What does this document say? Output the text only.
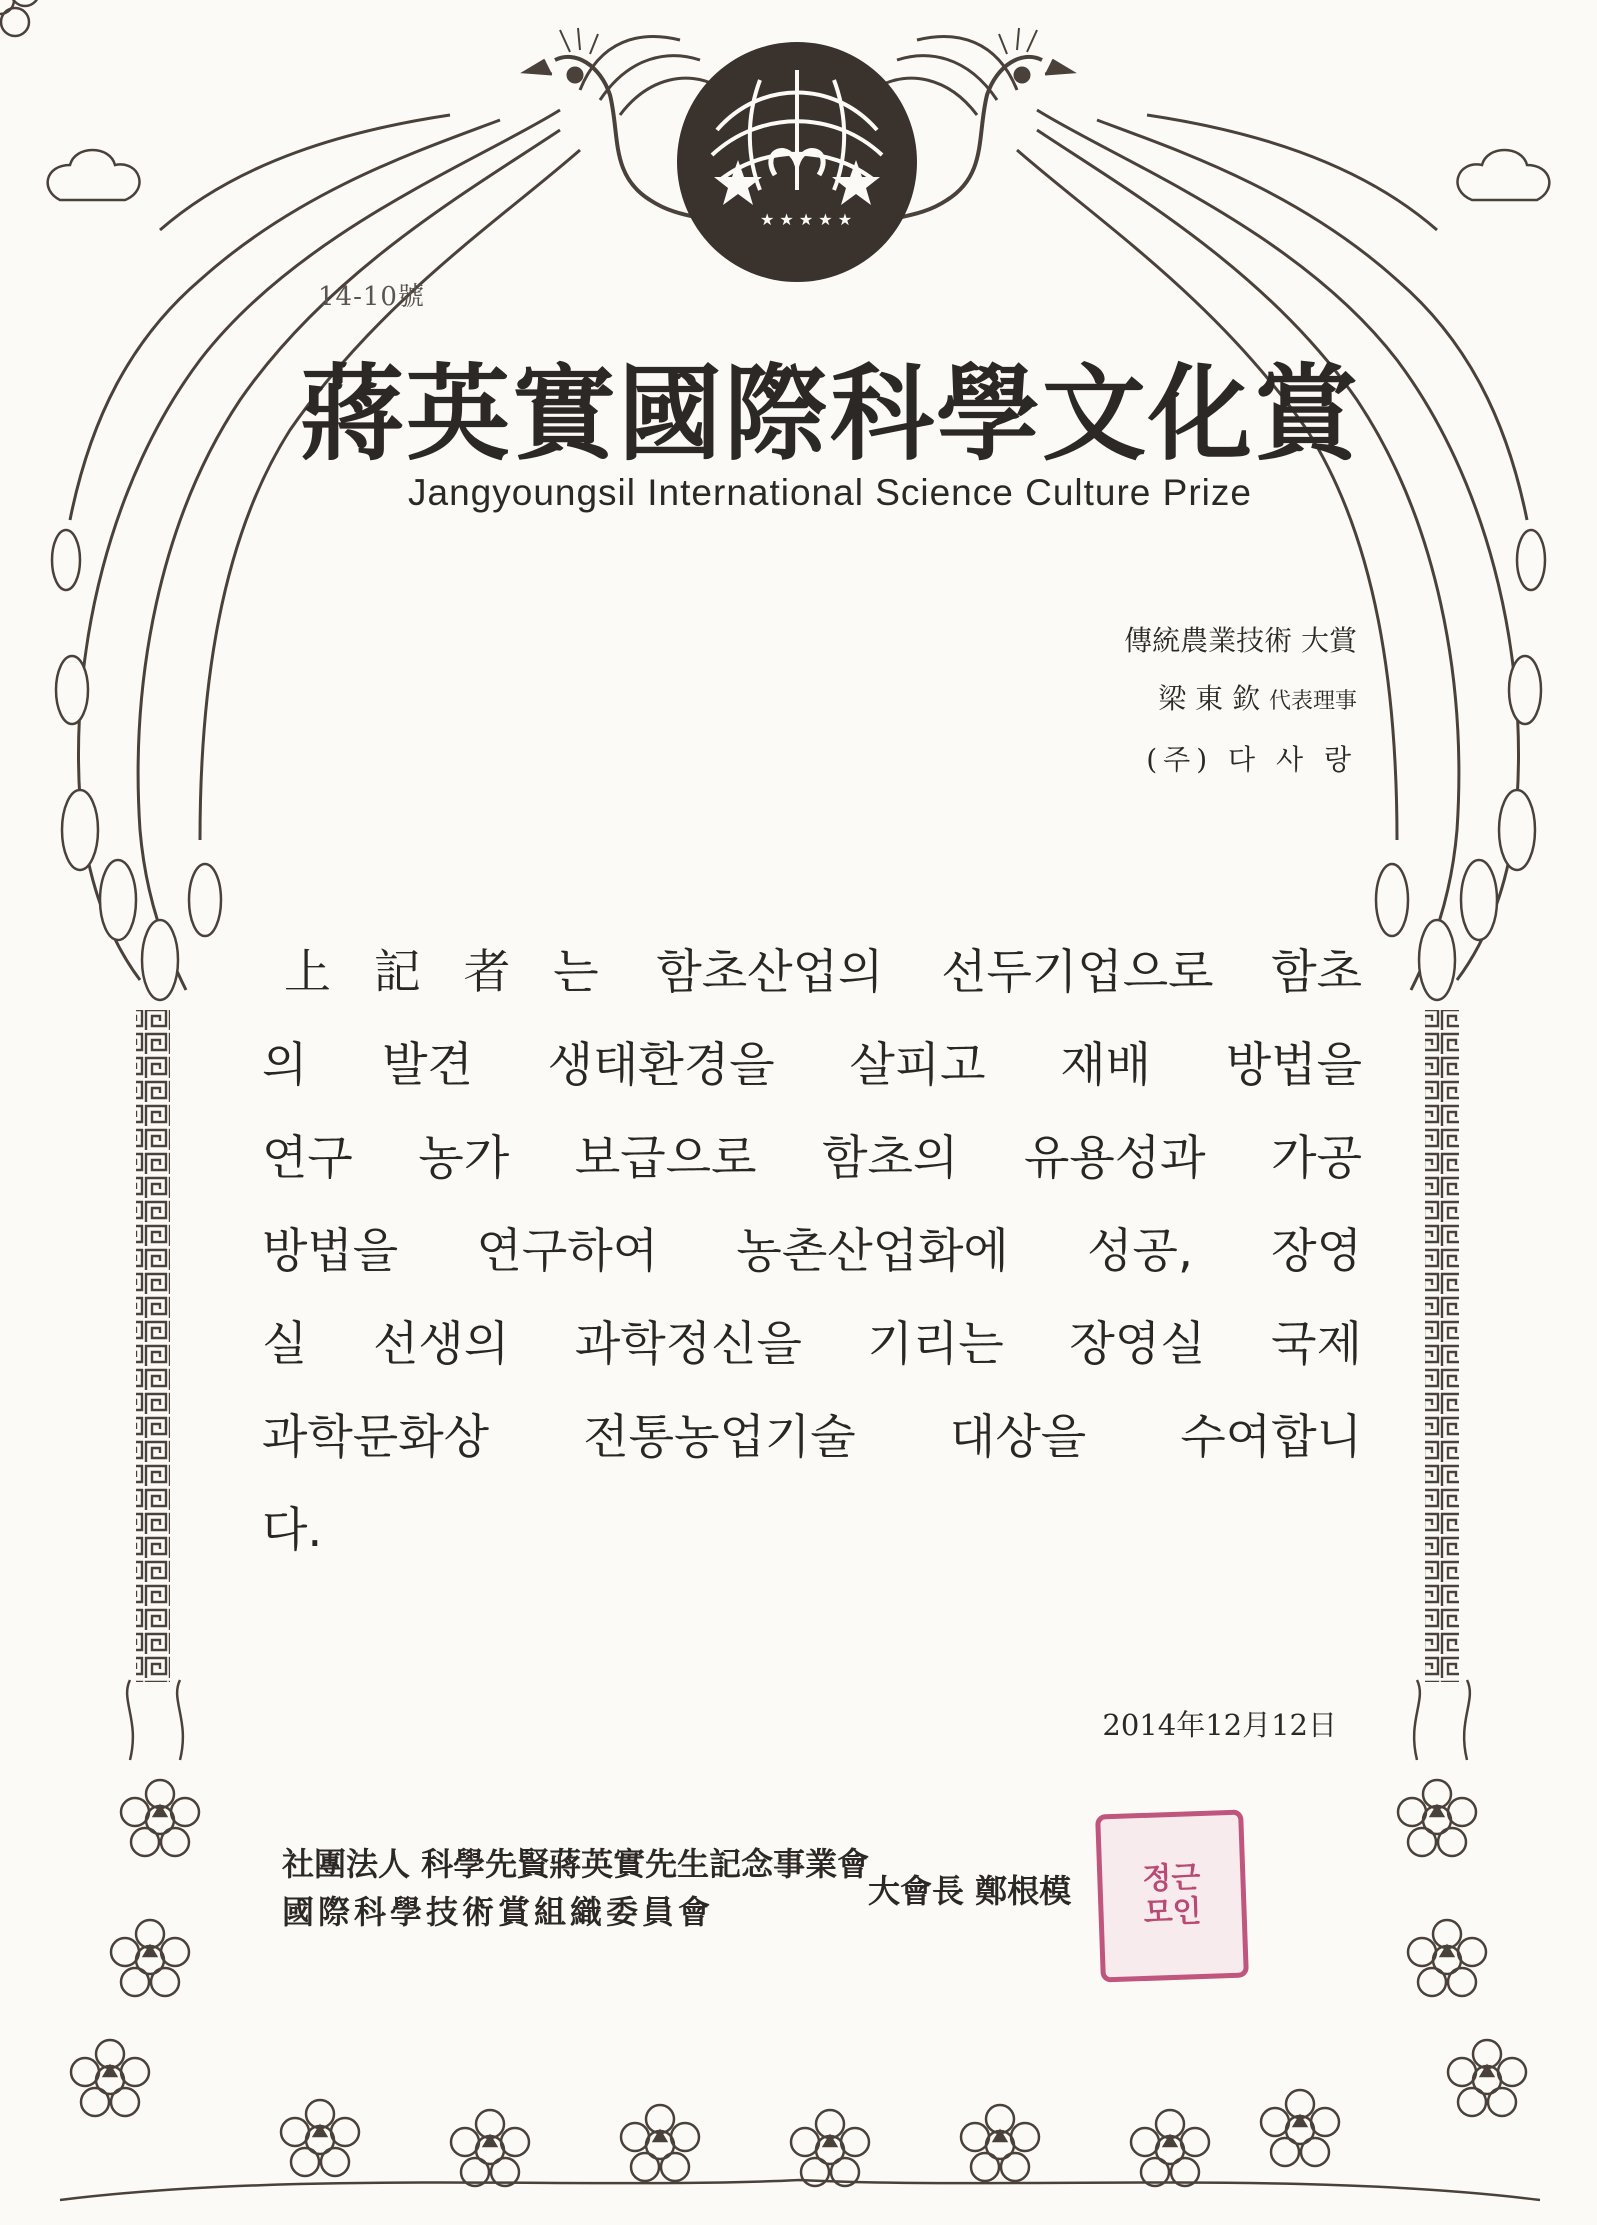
★ ★ ★ ★ ★
14-10號
蔣英實國際科學文化賞
Jangyoungsil International Science Culture Prize
傳統農業技術 大賞
梁 東 欽 代表理事
(주) 다 사 랑
上記者는 함초산업의 선두기업으로 함초
의 발견 생태환경을 살피고 재배 방법을
연구 농가 보급으로 함초의 유용성과 가공
방법을 연구하여 농촌산업화에 성공, 장영
실 선생의 과학정신을 기리는 장영실 국제
과학문화상 전통농업기술 대상을 수여합니
다.
2014年12月12日
社團法人 科學先賢蔣英實先生記念事業會
國際科學技術賞組織委員會
大會長 鄭根模	정근모인
